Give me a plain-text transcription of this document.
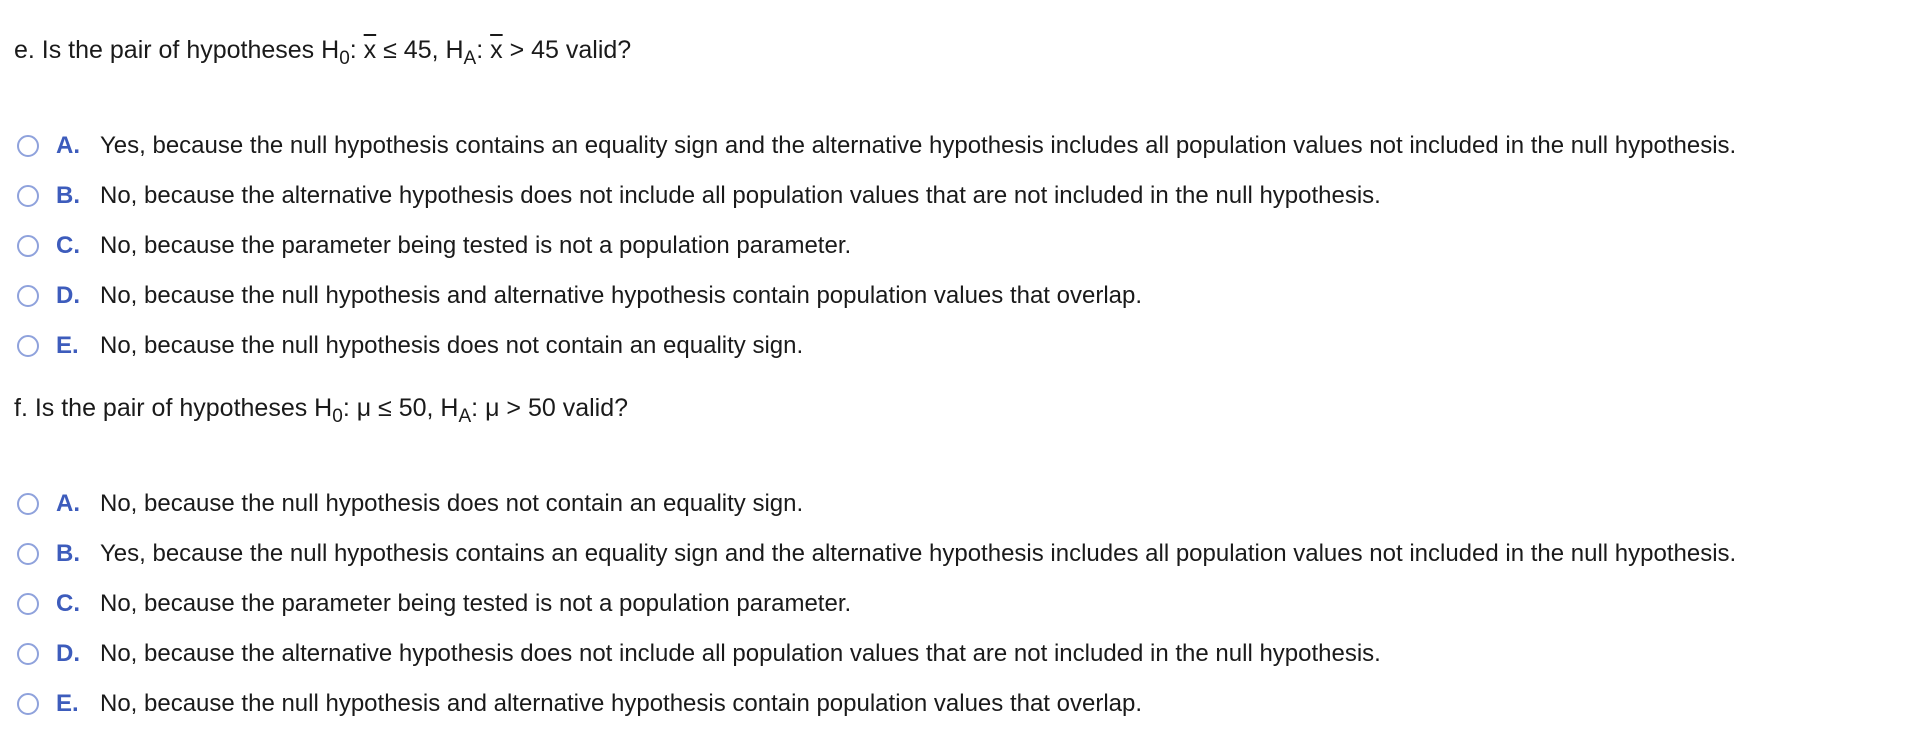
e. Is the pair of hypotheses $H_0$: $\overline{x} \le 45$, $H_A$: $\overline{x} > 45$ valid?
A. Yes, because the null hypothesis contains an equality sign and the alternative hypothesis includes all population values not included in the null hypothesis.
B. No, because the alternative hypothesis does not include all population values that are not included in the null hypothesis.
C. No, because the parameter being tested is not a population parameter.
D. No, because the null hypothesis and alternative hypothesis contain population values that overlap.
E. No, because the null hypothesis does not contain an equality sign.
f. Is the pair of hypotheses $H_0$: μ ≤ 50, $H_A$: μ > 50 valid?
A. No, because the null hypothesis does not contain an equality sign.
B. Yes, because the null hypothesis contains an equality sign and the alternative hypothesis includes all population values not included in the null hypothesis.
C. No, because the parameter being tested is not a population parameter.
D. No, because the alternative hypothesis does not include all population values that are not included in the null hypothesis.
E. No, because the null hypothesis and alternative hypothesis contain population values that overlap.
